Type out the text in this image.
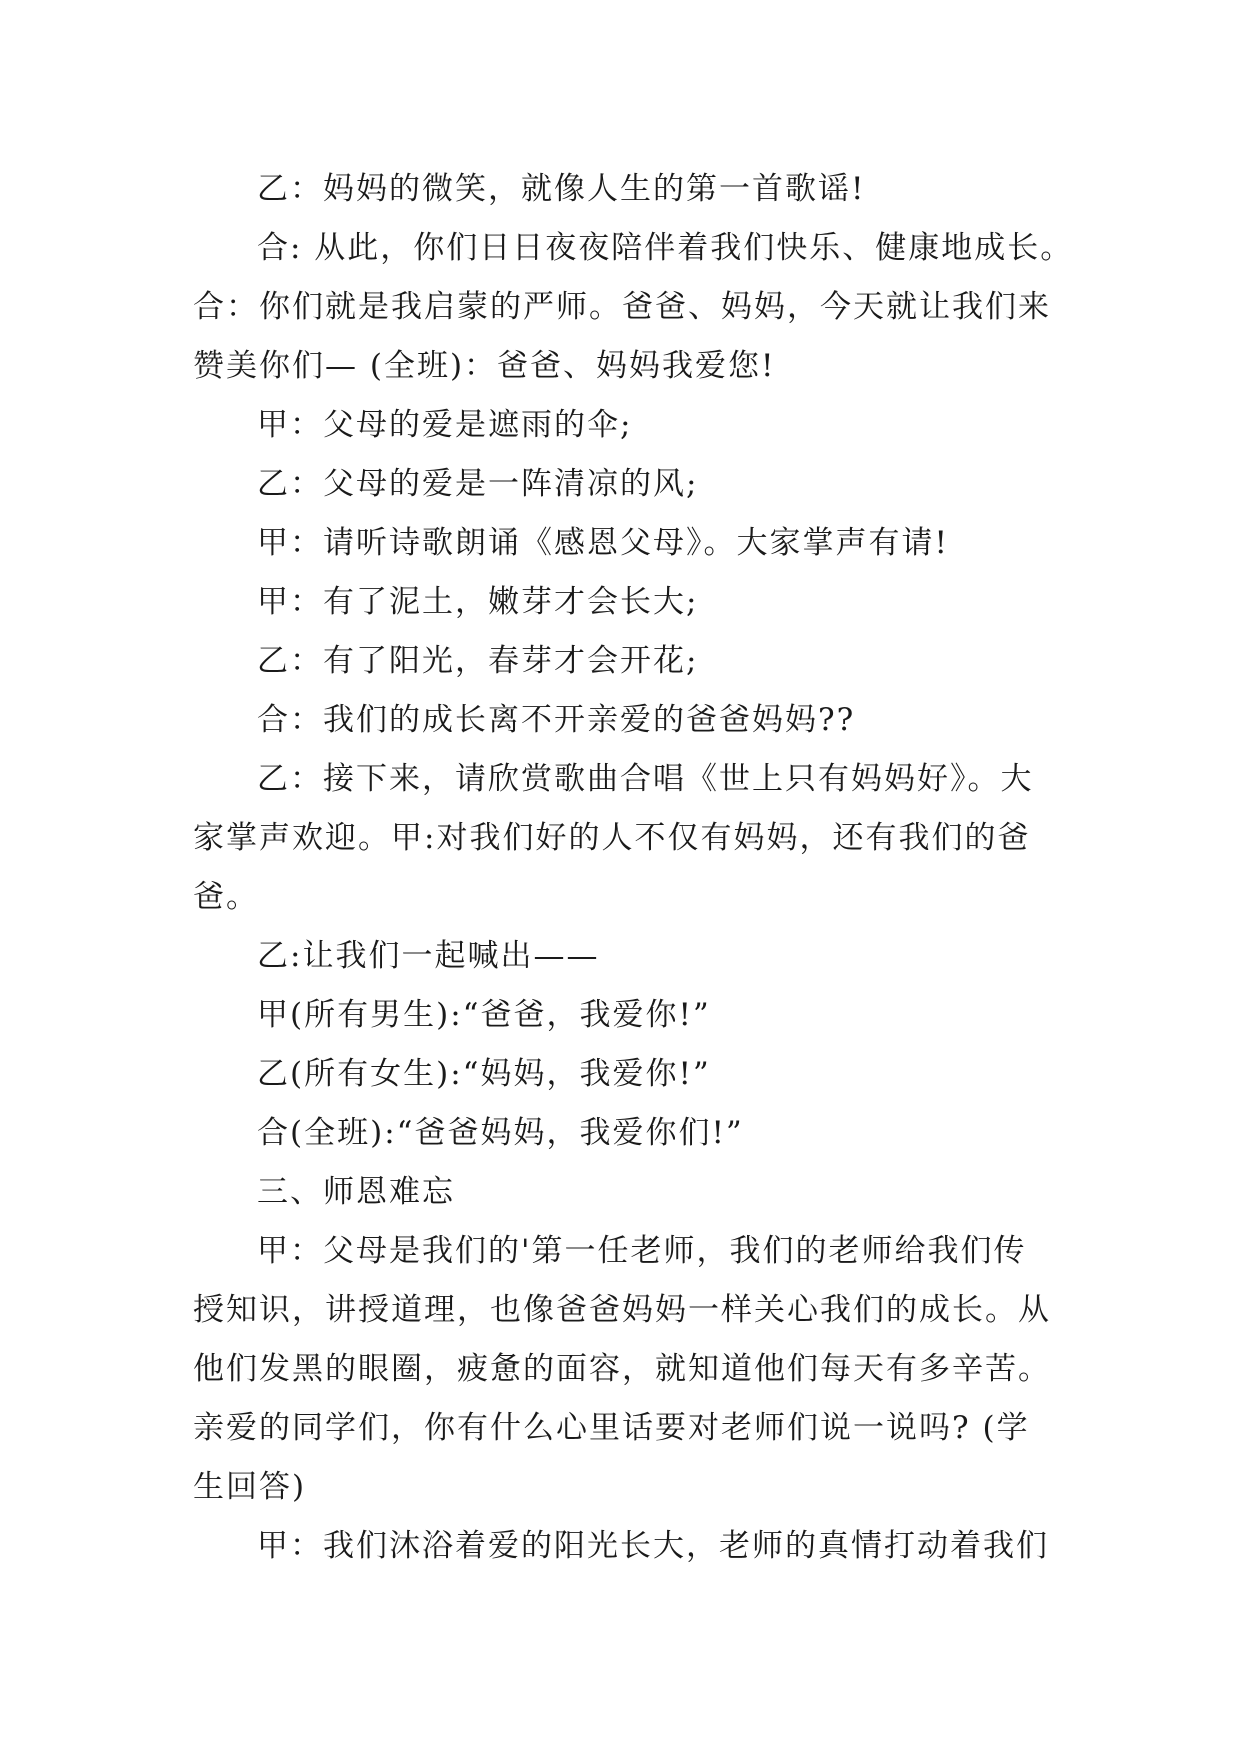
乙：妈妈的微笑，就像人生的第一首歌谣!
合: 从此，你们日日夜夜陪伴着我们快乐、健康地成长。
合：你们就是我启蒙的严师。爸爸、妈妈，今天就让我们来
赞美你们— (全班)：爸爸、妈妈我爱您!
甲：父母的爱是遮雨的伞;
乙：父母的爱是一阵清凉的风;
甲：请听诗歌朗诵《感恩父母》。大家掌声有请!
甲：有了泥土，嫩芽才会长大;
乙：有了阳光，春芽才会开花;
合：我们的成长离不开亲爱的爸爸妈妈??
乙：接下来，请欣赏歌曲合唱《世上只有妈妈好》。大
家掌声欢迎。甲:对我们好的人不仅有妈妈，还有我们的爸
爸。
乙:让我们一起喊出——
甲(所有男生):“爸爸，我爱你!”
乙(所有女生):“妈妈，我爱你!”
合(全班):“爸爸妈妈，我爱你们!”
三、师恩难忘
甲：父母是我们的'第一任老师，我们的老师给我们传
授知识，讲授道理，也像爸爸妈妈一样关心我们的成长。从
他们发黑的眼圈，疲惫的面容，就知道他们每天有多辛苦。
亲爱的同学们，你有什么心里话要对老师们说一说吗? (学
生回答)
甲：我们沐浴着爱的阳光长大，老师的真情打动着我们
